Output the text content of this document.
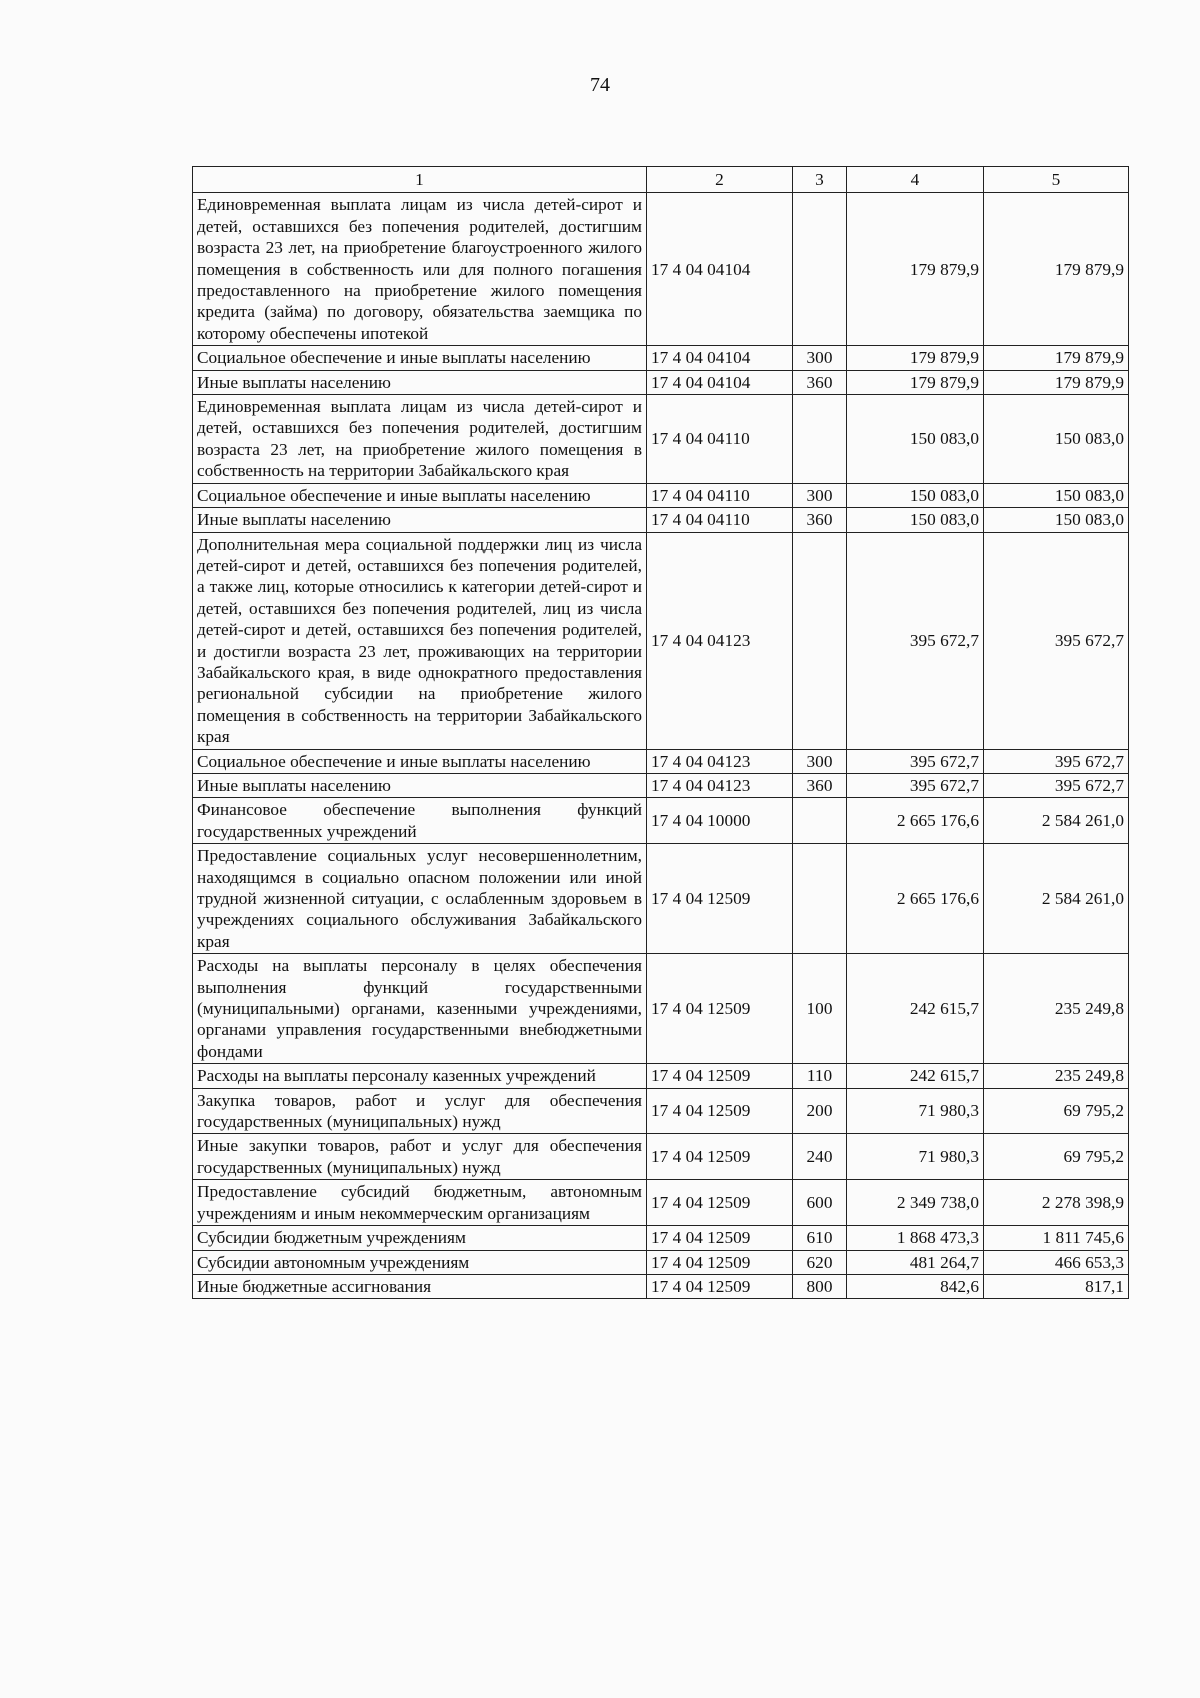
74
1	2	3	4	5
Единовременная выплата лицам из числа детей-сирот и детей, оставшихся без попечения родителей, достигшим возраста 23 лет, на приобретение благоустроенного жилого помещения в собственность или для полного погашения предоставленного на приобретение жилого помещения кредита (займа) по договору, обязательства заемщика по которому обеспечены ипотекой	17 4 04 04104		179 879,9	179 879,9
Социальное обеспечение и иные выплаты населению	17 4 04 04104	300	179 879,9	179 879,9
Иные выплаты населению	17 4 04 04104	360	179 879,9	179 879,9
Единовременная выплата лицам из числа детей-сирот и детей, оставшихся без попечения родителей, достигшим возраста 23 лет, на приобретение жилого помещения в собственность на территории Забайкальского края	17 4 04 04110		150 083,0	150 083,0
Социальное обеспечение и иные выплаты населению	17 4 04 04110	300	150 083,0	150 083,0
Иные выплаты населению	17 4 04 04110	360	150 083,0	150 083,0
Дополнительная мера социальной поддержки лиц из числа детей-сирот и детей, оставшихся без попечения родителей, а также лиц, которые относились к категории детей-сирот и детей, оставшихся без попечения родителей, лиц из числа детей-сирот и детей, оставшихся без попечения родителей, и достигли возраста 23 лет, проживающих на территории Забайкальского края, в виде однократного предоставления региональной субсидии на приобретение жилого помещения в собственность на территории Забайкальского края	17 4 04 04123		395 672,7	395 672,7
Социальное обеспечение и иные выплаты населению	17 4 04 04123	300	395 672,7	395 672,7
Иные выплаты населению	17 4 04 04123	360	395 672,7	395 672,7
Финансовое обеспечение выполнения функций государственных учреждений	17 4 04 10000		2 665 176,6	2 584 261,0
Предоставление социальных услуг несовершеннолетним, находящимся в социально опасном положении или иной трудной жизненной ситуации, с ослабленным здоровьем в учреждениях социального обслуживания Забайкальского края	17 4 04 12509		2 665 176,6	2 584 261,0
Расходы на выплаты персоналу в целях обеспечения выполнения функций государственными (муниципальными) органами, казенными учреждениями, органами управления государственными внебюджетными фондами	17 4 04 12509	100	242 615,7	235 249,8
Расходы на выплаты персоналу казенных учреждений	17 4 04 12509	110	242 615,7	235 249,8
Закупка товаров, работ и услуг для обеспечения государственных (муниципальных) нужд	17 4 04 12509	200	71 980,3	69 795,2
Иные закупки товаров, работ и услуг для обеспечения государственных (муниципальных) нужд	17 4 04 12509	240	71 980,3	69 795,2
Предоставление субсидий бюджетным, автономным учреждениям и иным некоммерческим организациям	17 4 04 12509	600	2 349 738,0	2 278 398,9
Субсидии бюджетным учреждениям	17 4 04 12509	610	1 868 473,3	1 811 745,6
Субсидии автономным учреждениям	17 4 04 12509	620	481 264,7	466 653,3
Иные бюджетные ассигнования	17 4 04 12509	800	842,6	817,1
